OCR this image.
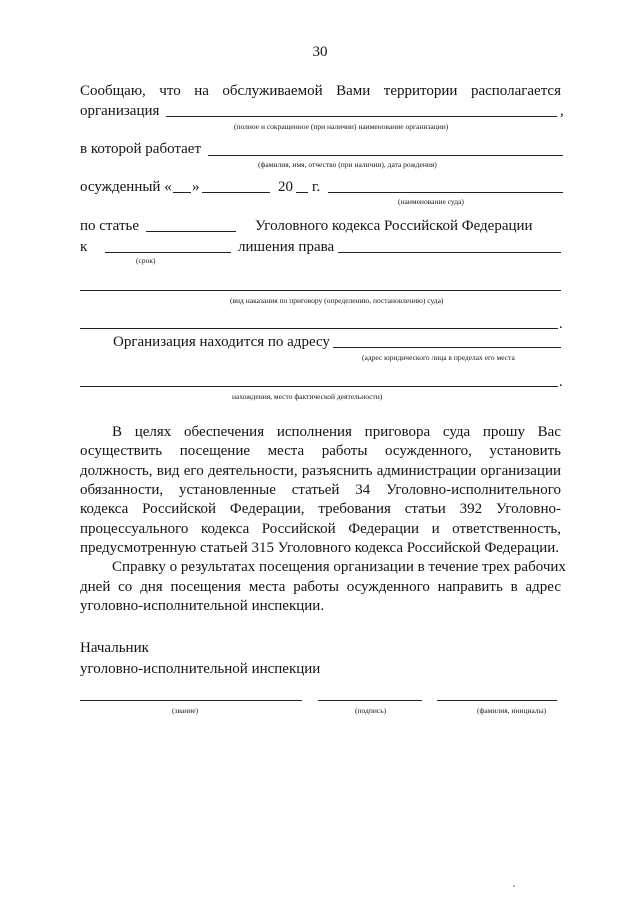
30
Сообщаю, что на обслуживаемой Вами территории располагается
организация	,
(полное и сокращенное (при наличии) наименование организации)
в которой работает
(фамилия, имя, отчество (при наличии), дата рождения)
осужденный « »	20 г.
(наименование суда)
по статье	Уголовного кодекса Российской Федерации
к	лишения права
(срок)
(вид наказания по приговору (определению, постановлению) суда)
.
Организация находится по адресу
(адрес юридического лица в пределах его места
.
нахождения, место фактической деятельности)
В целях обеспечения исполнения приговора суда прошу Вас
осуществить посещение места работы осужденного, установить
должность, вид его деятельности, разъяснить администрации организации
обязанности, установленные статьей 34 Уголовно-исполнительного
кодекса Российской Федерации, требования статьи 392 Уголовно-
процессуального кодекса Российской Федерации и ответственность,
предусмотренную статьей 315 Уголовного кодекса Российской Федерации.
Справку о результатах посещения организации в течение трех рабочих
дней со дня посещения места работы осужденного направить в адрес
уголовно-исполнительной инспекции.
Начальник
уголовно-исполнительной инспекции
(звание)	(подпись)	(фамилия, инициалы)
